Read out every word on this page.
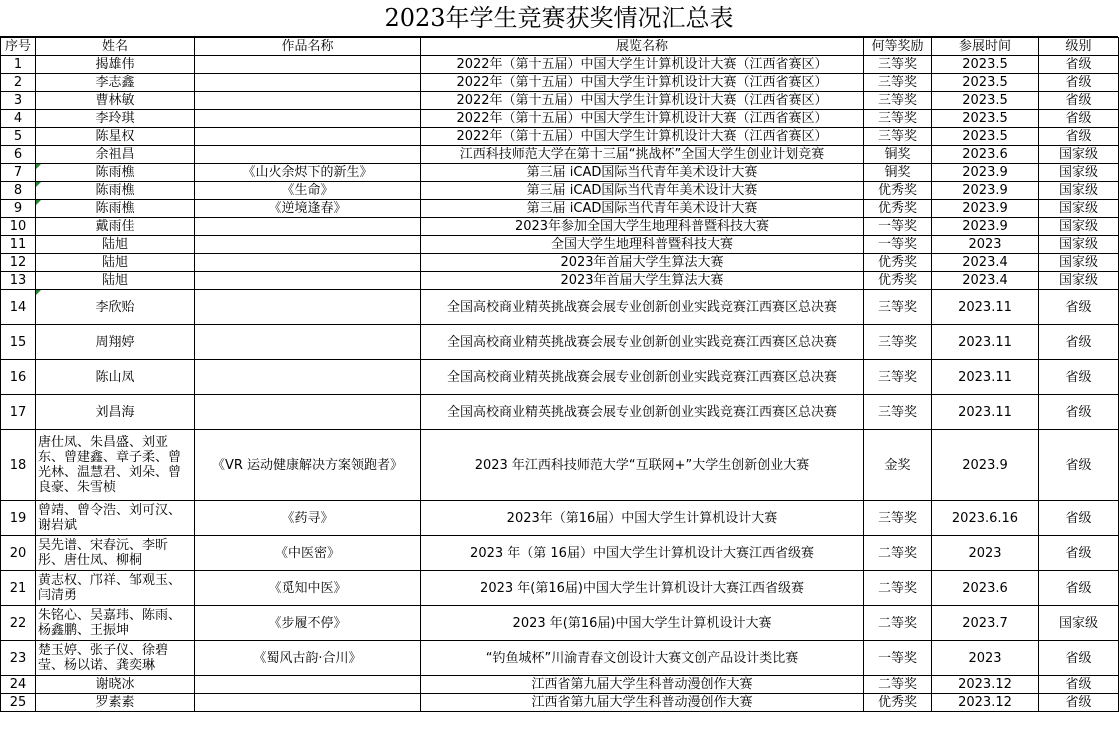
2023年学生竞赛获奖情况汇总表
序号	姓名	作品名称	展览名称	何等奖励	参展时间	级别
1	揭雄伟		2022年（第十五届）中国大学生计算机设计大赛（江西省赛区）	三等奖	2023.5	省级
2	李志鑫		2022年（第十五届）中国大学生计算机设计大赛（江西省赛区）	三等奖	2023.5	省级
3	曹林敏		2022年（第十五届）中国大学生计算机设计大赛（江西省赛区）	三等奖	2023.5	省级
4	李玲琪		2022年（第十五届）中国大学生计算机设计大赛（江西省赛区）	三等奖	2023.5	省级
5	陈星权		2022年（第十五届）中国大学生计算机设计大赛（江西省赛区）	三等奖	2023.5	省级
6	余祖昌		江西科技师范大学在第十三届“挑战杯”全国大学生创业计划竞赛	铜奖	2023.6	国家级
7	陈雨樵	《山火余烬下的新生》	第三届 iCAD国际当代青年美术设计大赛	铜奖	2023.9	国家级
8	陈雨樵	《生命》	第三届 iCAD国际当代青年美术设计大赛	优秀奖	2023.9	国家级
9	陈雨樵	《逆境逢春》	第三届 iCAD国际当代青年美术设计大赛	优秀奖	2023.9	国家级
10	戴雨佳		2023年参加全国大学生地理科普暨科技大赛	一等奖	2023.9	国家级
11	陆旭		全国大学生地理科普暨科技大赛	一等奖	2023	国家级
12	陆旭		2023年首届大学生算法大赛	优秀奖	2023.4	国家级
13	陆旭		2023年首届大学生算法大赛	优秀奖	2023.4	国家级
14	李欣贻		全国高校商业精英挑战赛会展专业创新创业实践竞赛江西赛区总决赛	三等奖	2023.11	省级
15	周翔婷		全国高校商业精英挑战赛会展专业创新创业实践竞赛江西赛区总决赛	三等奖	2023.11	省级
16	陈山凤		全国高校商业精英挑战赛会展专业创新创业实践竞赛江西赛区总决赛	三等奖	2023.11	省级
17	刘昌海		全国高校商业精英挑战赛会展专业创新创业实践竞赛江西赛区总决赛	三等奖	2023.11	省级
18	唐仕凤、朱昌盛、刘亚东、曾建鑫、章子柔、曾光林、温慧君、刘朵、曾良豪、朱雪桢	《VR 运动健康解决方案领跑者》	2023 年江西科技师范大学“互联网+”大学生创新创业大赛	金奖	2023.9	省级
19	曾靖、曾令浩、刘可汉、谢岩斌	《药寻》	2023年（第16届）中国大学生计算机设计大赛	三等奖	2023.6.16	省级
20	吴先谱、宋春沅、李昕彤、唐仕凤、柳桐	《中医密》	2023 年（第 16届）中国大学生计算机设计大赛江西省级赛	二等奖	2023	省级
21	黄志权、邝祥、邹观玉、闫清勇	《觅知中医》	2023 年(第16届)中国大学生计算机设计大赛江西省级赛	二等奖	2023.6	省级
22	朱铭心、吴嘉玮、陈雨、杨鑫鹏、王振坤	《步履不停》	2023 年(第16届)中国大学生计算机设计大赛	二等奖	2023.7	国家级
23	楚玉婷、张子仪、徐碧莹、杨以诺、龚奕琳	《蜀风古韵·合川》	“钓鱼城杯”川渝青春文创设计大赛文创产品设计类比赛	一等奖	2023	省级
24	谢晓冰		江西省第九届大学生科普动漫创作大赛	二等奖	2023.12	省级
25	罗素素		江西省第九届大学生科普动漫创作大赛	优秀奖	2023.12	省级
